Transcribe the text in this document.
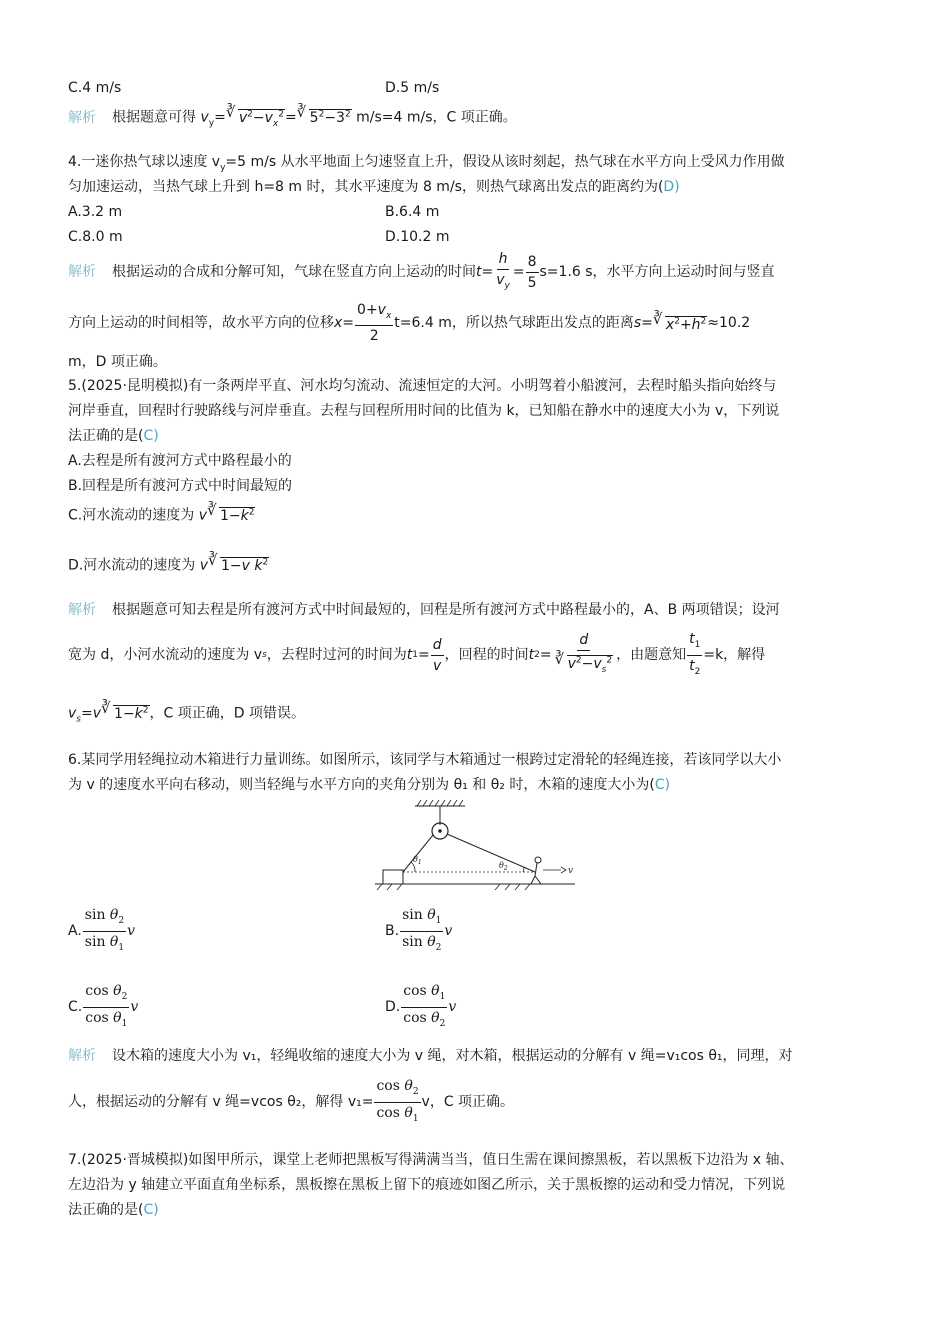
C.4 m/s	D.5 m/s
解析 根据题意可得 $v_y=$ ∛ $v^2-v_x^2=$ ∛ $5^2-3^2$ m/s=4 m/s，C 项正确。
4.一迷你热气球以速度 $v_y=5$ m/s 从水平地面上匀速竖直上升，假设从该时刻起，热气球在水平方向上受风力作用做
匀加速运动，当热气球上升到 h=8 m 时，其水平速度为 8 m/s，则热气球离出发点的距离约为(D)
A.3.2 m	B.6.4 m
C.8.0 m	D.10.2 m
解析 根据运动的合成和分解可知，气球在竖直方向上运动的时间 $t = \frac{h}{v_y} = \frac{8}{5} s=1.6$ s，水平方向上运动时间与竖直
方向上运动的时间相等，故水平方向的位移 $x = \frac{0+v_x}{2} t=6.4$ m，所以热气球距出发点的距离 s = ∛ $x^2+h^2 \approx 10.2$
m，D 项正确。
5.(2025·昆明模拟)有一条两岸平直、河水均匀流动、流速恒定的大河。小明驾着小船渡河，去程时船头指向始终与
河岸垂直，回程时行驶路线与河岸垂直。去程与回程所用时间的比值为 k，已知船在静水中的速度大小为 v，下列说
法正确的是(C)
A.去程是所有渡河方式中路程最小的
B.回程是所有渡河方式中时间最短的
C.河水流动的速度为 v ∛ $1-k^2$
D.河水流动的速度为 v ∛ 1−v $k^2$
解析 根据题意可知去程是所有渡河方式中时间最短的，回程是所有渡河方式中路程最小的，A、B 两项错误；设河
宽为 d，小河水流动的速度为 v s ，去程时过河的时间为 t $1 = \frac{d}{v}$ ，回程的时间 t $2 = \frac{d}{∛ v^2-v_s^2}$ ，由题意知 $\frac{t_1}{t_2} =k$，解得
$v_s=v$ ∛ $1-k^2$，C 项正确，D 项错误。
6.某同学用轻绳拉动木箱进行力量训练。如图所示，该同学与木箱通过一根跨过定滑轮的轻绳连接，若该同学以大小
为 v 的速度水平向右移动，则当轻绳与水平方向的夹角分别为 θ₁ 和 θ₂ 时，木箱的速度大小为(C)
$\theta_1$	$\theta_2$	v
A. $\frac{\sin \theta_2}{\sin \theta_1}$ v	B. $\frac{\sin \theta_1}{\sin \theta_2}$ v
C. $\frac{\cos \theta_2}{\cos \theta_1}$ v	D. $\frac{\cos \theta_1}{\cos \theta_2}$ v
解析 设木箱的速度大小为 v₁，轻绳收缩的速度大小为 v 绳，对木箱，根据运动的分解有 v 绳=v₁cos θ₁，同理，对
人，根据运动的分解有 v 绳=vcos θ₂，解得 $v_1= \frac{\cos \theta_2}{\cos \theta_1}$ v，C 项正确。
7.(2025·晋城模拟)如图甲所示，课堂上老师把黑板写得满满当当，值日生需在课间擦黑板，若以黑板下边沿为 x 轴、
左边沿为 y 轴建立平面直角坐标系，黑板擦在黑板上留下的痕迹如图乙所示，关于黑板擦的运动和受力情况，下列说
法正确的是(C)
